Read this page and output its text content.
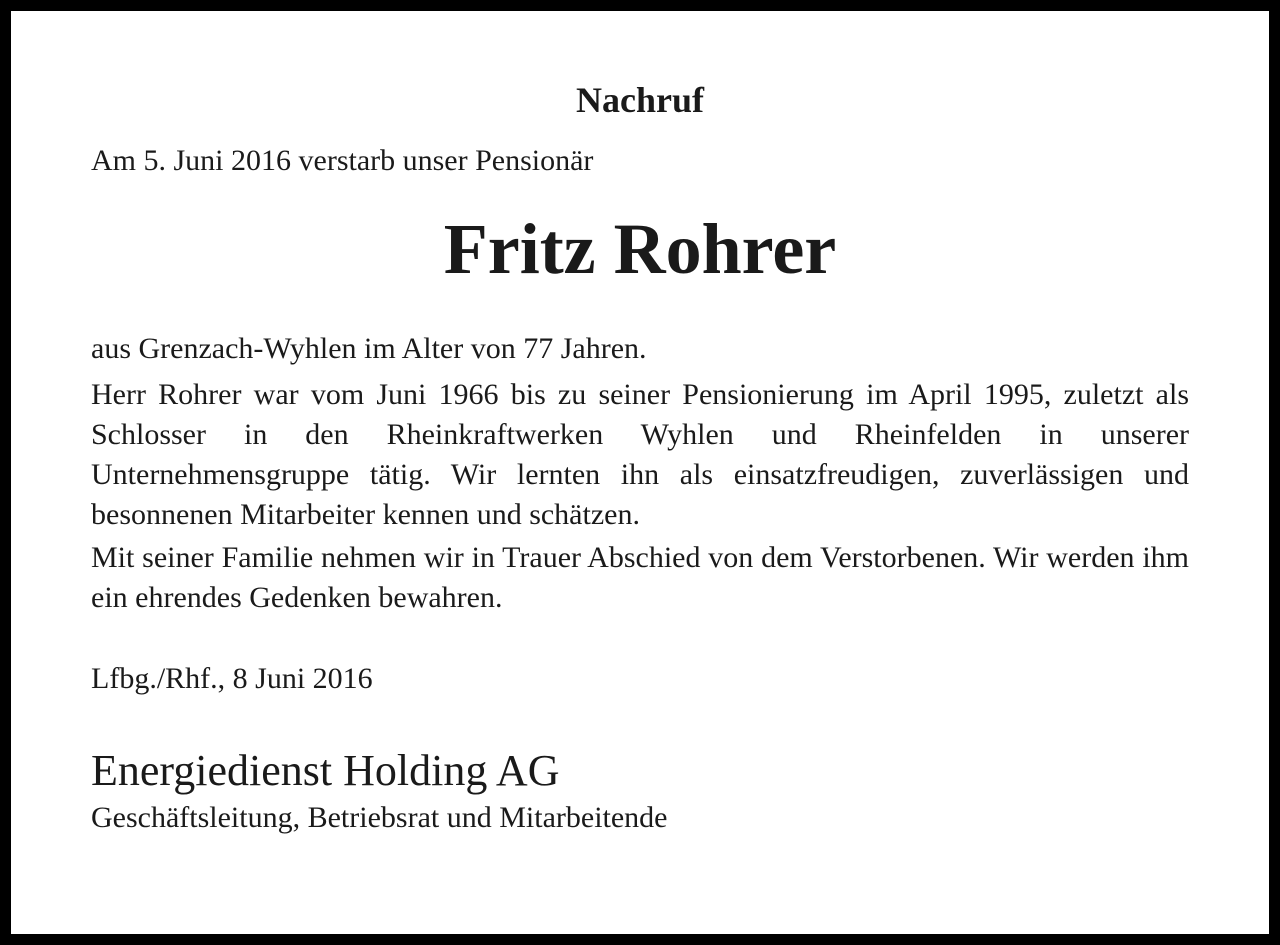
Nachruf

Am 5. Juni 2016 verstarb unser Pensionär

Fritz Rohrer

aus Grenzach-Wyhlen im Alter von 77 Jahren.

Herr Rohrer war vom Juni 1966 bis zu seiner Pensionierung im April 1995, zuletzt als Schlosser in den Rheinkraftwerken Wyhlen und Rheinfelden in unserer Unternehmensgruppe tätig. Wir lernten ihn als einsatzfreudigen, zuverlässigen und besonnenen Mitarbeiter kennen und schätzen.

Mit seiner Familie nehmen wir in Trauer Abschied von dem Verstorbenen. Wir werden ihm ein ehrendes Gedenken bewahren.

Lfbg./Rhf., 8 Juni 2016

Energiedienst Holding AG

Geschäftsleitung, Betriebsrat und Mitarbeitende
